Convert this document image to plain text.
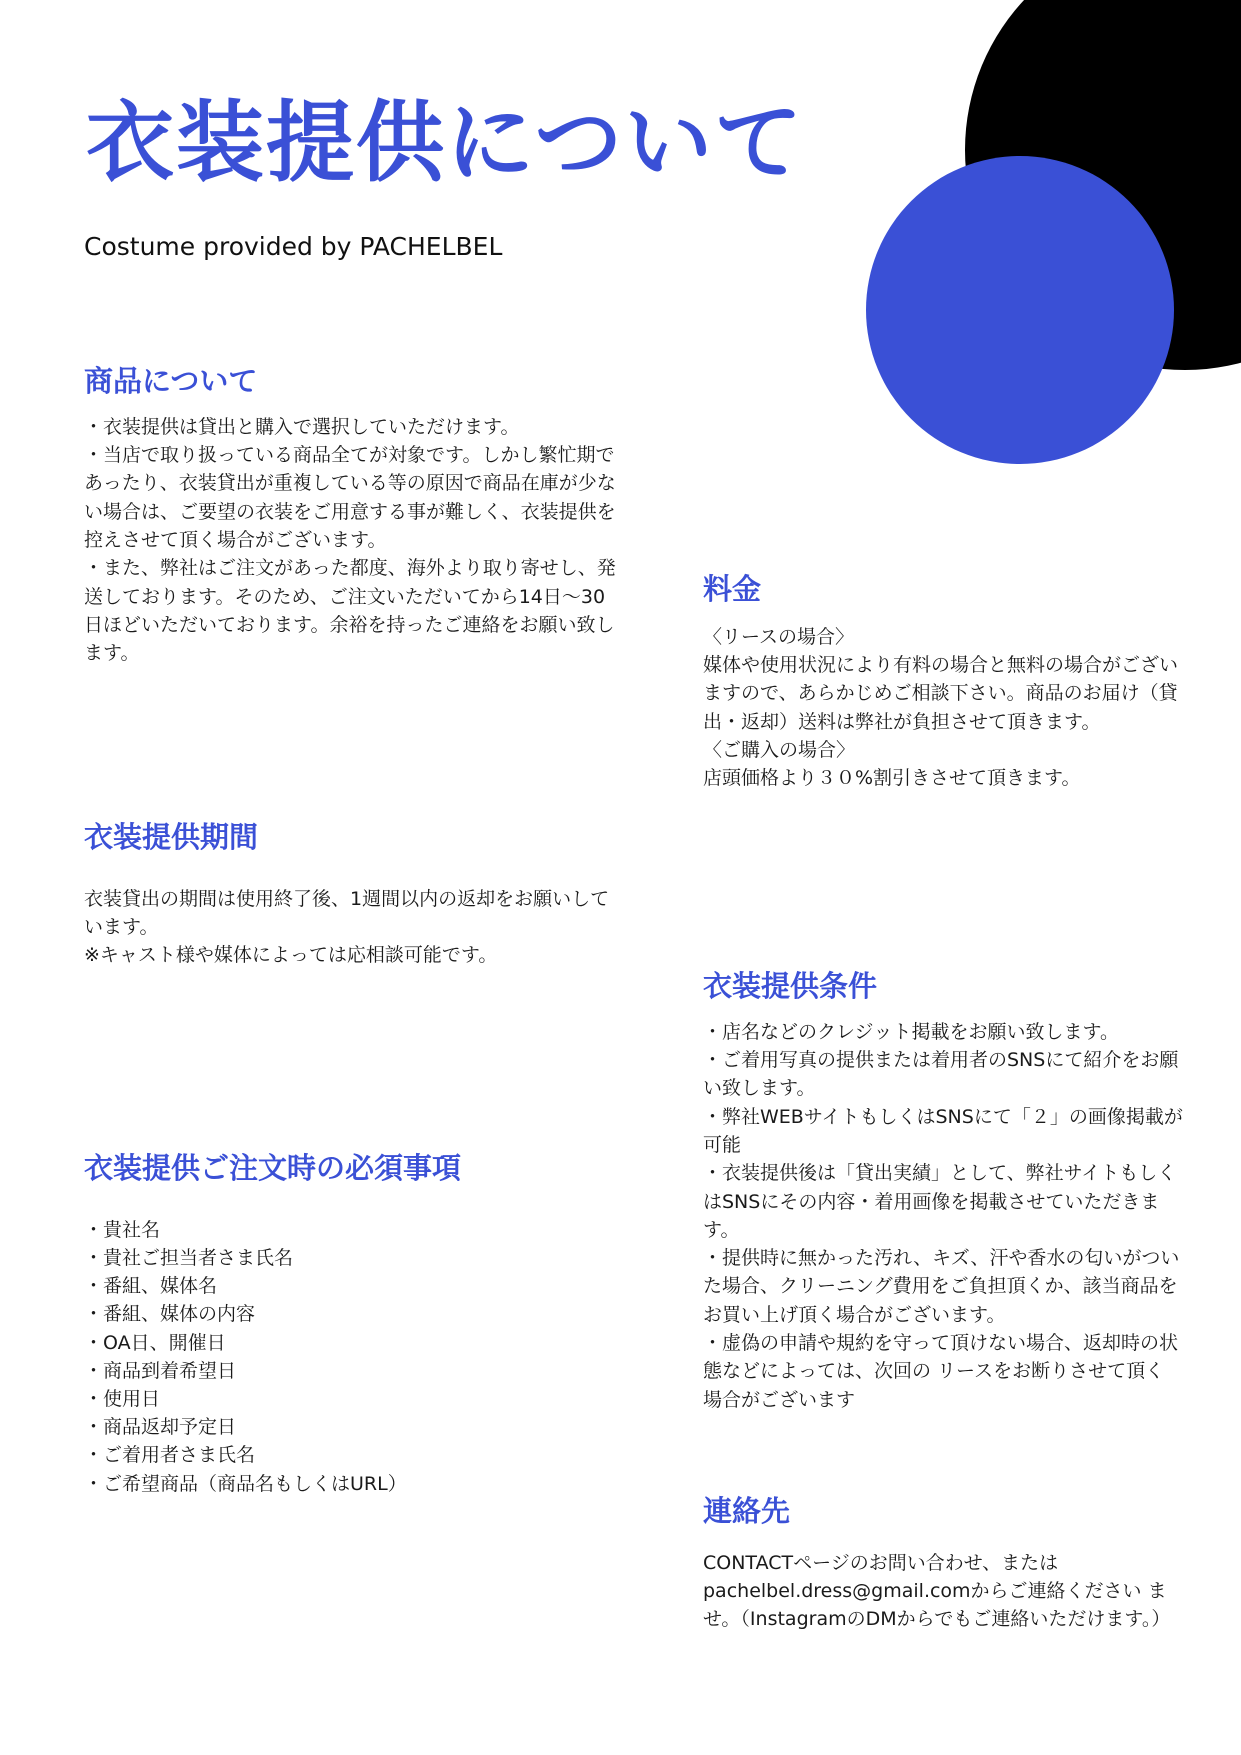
衣装提供について
Costume provided by PACHELBEL
商品について

・衣装提供は貸出と購入で選択していただけます。
・当店で取り扱っている商品全てが対象です。しかし繁忙期であったり、衣装貸出が重複している等の原因で商品在庫が少ない場合は、ご要望の衣装をご用意する事が難しく、衣装提供を控えさせて頂く場合がございます。
・また、弊社はご注文があった都度、海外より取り寄せし、発送しております。そのため、ご注文いただいてから14日〜30日ほどいただいております。余裕を持ったご連絡をお願い致します。

衣装提供期間

衣装貸出の期間は使用終了後、1週間以内の返却をお願いしています。
※キャスト様や媒体によっては応相談可能です。

衣装提供ご注文時の必須事項
・貴社名
・貴社ご担当者さま氏名
・番組、媒体名
・番組、媒体の内容
・OA日、開催日
・商品到着希望日
・使用日
・商品返却予定日
・ご着用者さま氏名
・ご希望商品（商品名もしくはURL）
料金

〈リースの場合〉
媒体や使用状況により有料の場合と無料の場合がございますので、あらかじめご相談下さい。商品のお届け（貸出・返却）送料は弊社が負担させて頂きます。
〈ご購入の場合〉
店頭価格より３０%割引きさせて頂きます。

衣装提供条件

・店名などのクレジット掲載をお願い致します。
・ご着用写真の提供または着用者のSNSにて紹介をお願い致します。
・弊社WEBサイトもしくはSNSにて「２」の画像掲載が可能
・衣装提供後は「貸出実績」として、弊社サイトもしくはSNSにその内容・着用画像を掲載させていただきます。
・提供時に無かった汚れ、キズ、汗や香水の匂いがついた場合、クリーニング費用をご負担頂くか、該当商品をお買い上げ頂く場合がございます。
・虚偽の申請や規約を守って頂けない場合、返却時の状態などによっては、次回の リースをお断りさせて頂く場合がございます

連絡先

CONTACTページのお問い合わせ、またはpachelbel.dress@gmail.comからご連絡ください ませ。（InstagramのDMからでもご連絡いただけます。）
